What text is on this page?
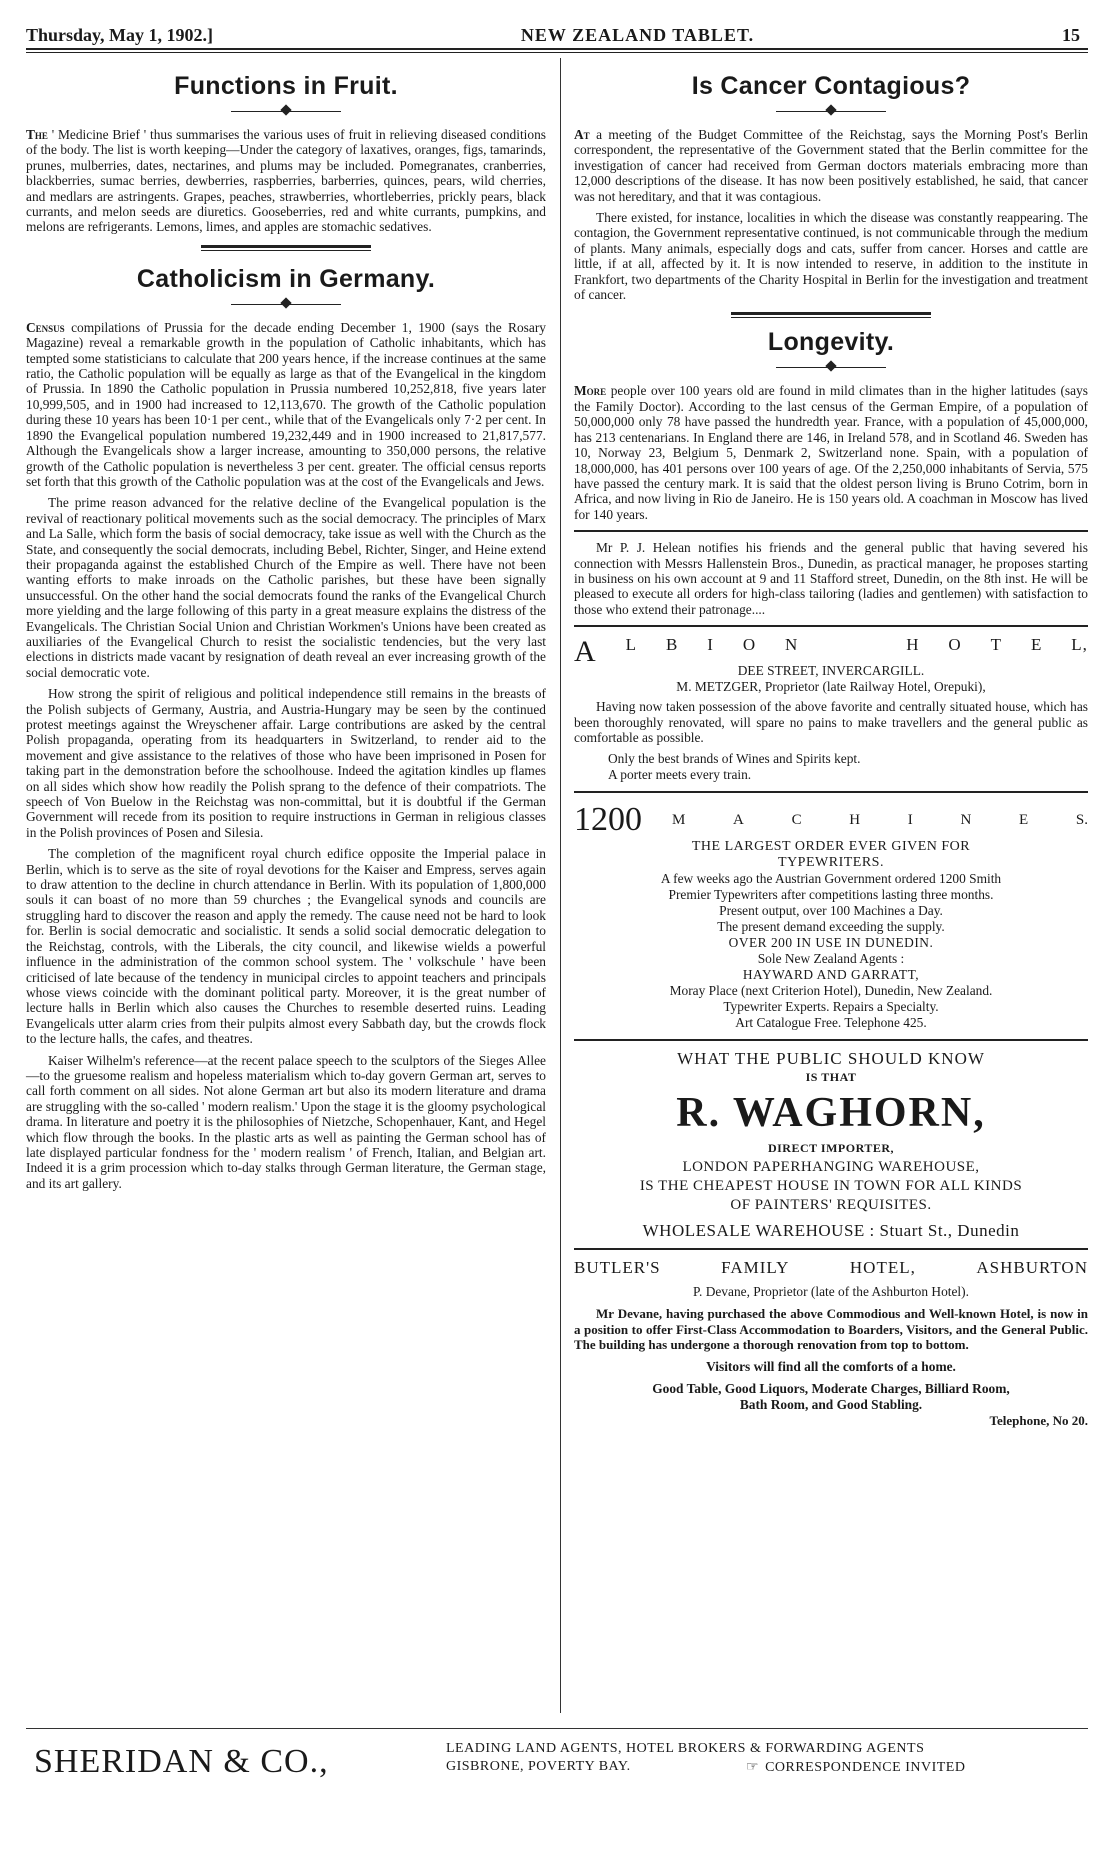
Thursday, May 1, 1902.]	NEW ZEALAND TABLET.	15
Functions in Fruit.

The ' Medicine Brief ' thus summarises the various uses of fruit in relieving diseased conditions of the body. The list is worth keeping—Under the category of laxatives, oranges, figs, tamarinds, prunes, mulberries, dates, nectarines, and plums may be included. Pomegranates, cranberries, blackberries, sumac berries, dewberries, raspberries, barberries, quinces, pears, wild cherries, and medlars are astringents. Grapes, peaches, strawberries, whortleberries, prickly pears, black currants, and melon seeds are diuretics. Gooseberries, red and white currants, pumpkins, and melons are refrigerants. Lemons, limes, and apples are stomachic sedatives.

Catholicism in Germany.

Census compilations of Prussia for the decade ending December 1, 1900 (says the Rosary Magazine) reveal a remarkable growth in the population of Catholic inhabitants, which has tempted some statisticians to calculate that 200 years hence, if the increase continues at the same ratio, the Catholic population will be equally as large as that of the Evangelical in the kingdom of Prussia. In 1890 the Catholic population in Prussia numbered 10,252,818, five years later 10,999,505, and in 1900 had increased to 12,113,670. The growth of the Catholic population during these 10 years has been 10·1 per cent., while that of the Evangelicals only 7·2 per cent. In 1890 the Evangelical population numbered 19,232,449 and in 1900 increased to 21,817,577. Although the Evangelicals show a larger increase, amounting to 350,000 persons, the relative growth of the Catholic population is nevertheless 3 per cent. greater. The official census reports set forth that this growth of the Catholic population was at the cost of the Evangelicals and Jews.

The prime reason advanced for the relative decline of the Evangelical population is the revival of reactionary political movements such as the social democracy. The principles of Marx and La Salle, which form the basis of social democracy, take issue as well with the Church as the State, and consequently the social democrats, including Bebel, Richter, Singer, and Heine extend their propaganda against the established Church of the Empire as well. There have not been wanting efforts to make inroads on the Catholic parishes, but these have been signally unsuccessful. On the other hand the social democrats found the ranks of the Evangelical Church more yielding and the large following of this party in a great measure explains the distress of the Evangelicals. The Christian Social Union and Christian Workmen's Unions have been created as auxiliaries of the Evangelical Church to resist the socialistic tendencies, but the very last elections in districts made vacant by resignation of death reveal an ever increasing growth of the social democratic vote.

How strong the spirit of religious and political independence still remains in the breasts of the Polish subjects of Germany, Austria, and Austria-Hungary may be seen by the continued protest meetings against the Wreyschener affair. Large contributions are asked by the central Polish propaganda, operating from its headquarters in Switzerland, to render aid to the movement and give assistance to the relatives of those who have been imprisoned in Posen for taking part in the demonstration before the schoolhouse. Indeed the agitation kindles up flames on all sides which show how readily the Polish sprang to the defence of their compatriots. The speech of Von Buelow in the Reichstag was non-committal, but it is doubtful if the German Government will recede from its position to require instructions in German in religious classes in the Polish provinces of Posen and Silesia.

The completion of the magnificent royal church edifice opposite the Imperial palace in Berlin, which is to serve as the site of royal devotions for the Kaiser and Empress, serves again to draw attention to the decline in church attendance in Berlin. With its population of 1,800,000 souls it can boast of no more than 59 churches ; the Evangelical synods and councils are struggling hard to discover the reason and apply the remedy. The cause need not be hard to look for. Berlin is social democratic and socialistic. It sends a solid social democratic delegation to the Reichstag, controls, with the Liberals, the city council, and likewise wields a powerful influence in the administration of the common school system. The ' volkschule ' have been criticised of late because of the tendency in municipal circles to appoint teachers and principals whose views coincide with the dominant political party. Moreover, it is the great number of lecture halls in Berlin which also causes the Churches to resemble deserted ruins. Leading Evangelicals utter alarm cries from their pulpits almost every Sabbath day, but the crowds flock to the lecture halls, the cafes, and theatres.

Kaiser Wilhelm's reference—at the recent palace speech to the sculptors of the Sieges Allee—to the gruesome realism and hopeless materialism which to-day govern German art, serves to call forth comment on all sides. Not alone German art but also its modern literature and drama are struggling with the so-called ' modern realism.' Upon the stage it is the gloomy psychological drama. In literature and poetry it is the philosophies of Nietzche, Schopenhauer, Kant, and Hegel which flow through the books. In the plastic arts as well as painting the German school has of late displayed particular fondness for the ' modern realism ' of French, Italian, and Belgian art. Indeed it is a grim procession which to-day stalks through German literature, the German stage, and its art gallery.

Is Cancer Contagious?

At a meeting of the Budget Committee of the Reichstag, says the Morning Post's Berlin correspondent, the representative of the Government stated that the Berlin committee for the investigation of cancer had received from German doctors materials embracing more than 12,000 descriptions of the disease. It has now been positively established, he said, that cancer was not hereditary, and that it was contagious.

There existed, for instance, localities in which the disease was constantly reappearing. The contagion, the Government representative continued, is not communicable through the medium of plants. Many animals, especially dogs and cats, suffer from cancer. Horses and cattle are little, if at all, affected by it. It is now intended to reserve, in addition to the institute in Frankfort, two departments of the Charity Hospital in Berlin for the investigation and treatment of cancer.

Longevity.

More people over 100 years old are found in mild climates than in the higher latitudes (says the Family Doctor). According to the last census of the German Empire, of a population of 50,000,000 only 78 have passed the hundredth year. France, with a population of 45,000,000, has 213 centenarians. In England there are 146, in Ireland 578, and in Scotland 46. Sweden has 10, Norway 23, Belgium 5, Denmark 2, Switzerland none. Spain, with a population of 18,000,000, has 401 persons over 100 years of age. Of the 2,250,000 inhabitants of Servia, 575 have passed the century mark. It is said that the oldest person living is Bruno Cotrim, born in Africa, and now living in Rio de Janeiro. He is 150 years old. A coachman in Moscow has lived for 140 years.

Mr P. J. Helean notifies his friends and the general public that having severed his connection with Messrs Hallenstein Bros., Dunedin, as practical manager, he proposes starting in business on his own account at 9 and 11 Stafford street, Dunedin, on the 8th inst. He will be pleased to execute all orders for high-class tailoring (ladies and gentlemen) with satisfaction to those who extend their patronage....

A L B I O N	H O T E L,
DEE STREET, INVERCARGILL.
M. METZGER, Proprietor (late Railway Hotel, Orepuki),

Having now taken possession of the above favorite and centrally situated house, which has been thoroughly renovated, will spare no pains to make travellers and the general public as comfortable as possible.

Only the best brands of Wines and Spirits kept.
A porter meets every train.
1200 M	A	C	H	I	N	E	S.
THE LARGEST ORDER EVER GIVEN FOR
TYPEWRITERS.
A few weeks ago the Austrian Government ordered 1200 Smith
Premier Typewriters after competitions lasting three months.
Present output, over 100 Machines a Day.
The present demand exceeding the supply.
OVER 200 IN USE IN DUNEDIN.
Sole New Zealand Agents :
HAYWARD AND GARRATT,
Moray Place (next Criterion Hotel), Dunedin, New Zealand.
Typewriter Experts. Repairs a Specialty.
Art Catalogue Free. Telephone 425.
WHAT THE PUBLIC SHOULD KNOW
IS THAT
R. WAGHORN,
DIRECT IMPORTER,
LONDON PAPERHANGING WAREHOUSE,
IS THE CHEAPEST HOUSE IN TOWN FOR ALL KINDS
OF PAINTERS' REQUISITES.
WHOLESALE WAREHOUSE : Stuart St., Dunedin
BUTLER'S	FAMILY	HOTEL,	ASHBURTON
P. Devane, Proprietor (late of the Ashburton Hotel).

Mr Devane, having purchased the above Commodious and Well-known Hotel, is now in a position to offer First-Class Accommodation to Boarders, Visitors, and the General Public. The building has undergone a thorough renovation from top to bottom.

Visitors will find all the comforts of a home.
Good Table, Good Liquors, Moderate Charges, Billiard Room,
Bath Room, and Good Stabling.
Telephone, No 20.
SHERIDAN & CO.,	LEADING LAND AGENTS, HOTEL BROKERS & FORWARDING AGENTS
GISBRONE, POVERTY BAY.	☞ CORRESPONDENCE INVITED
